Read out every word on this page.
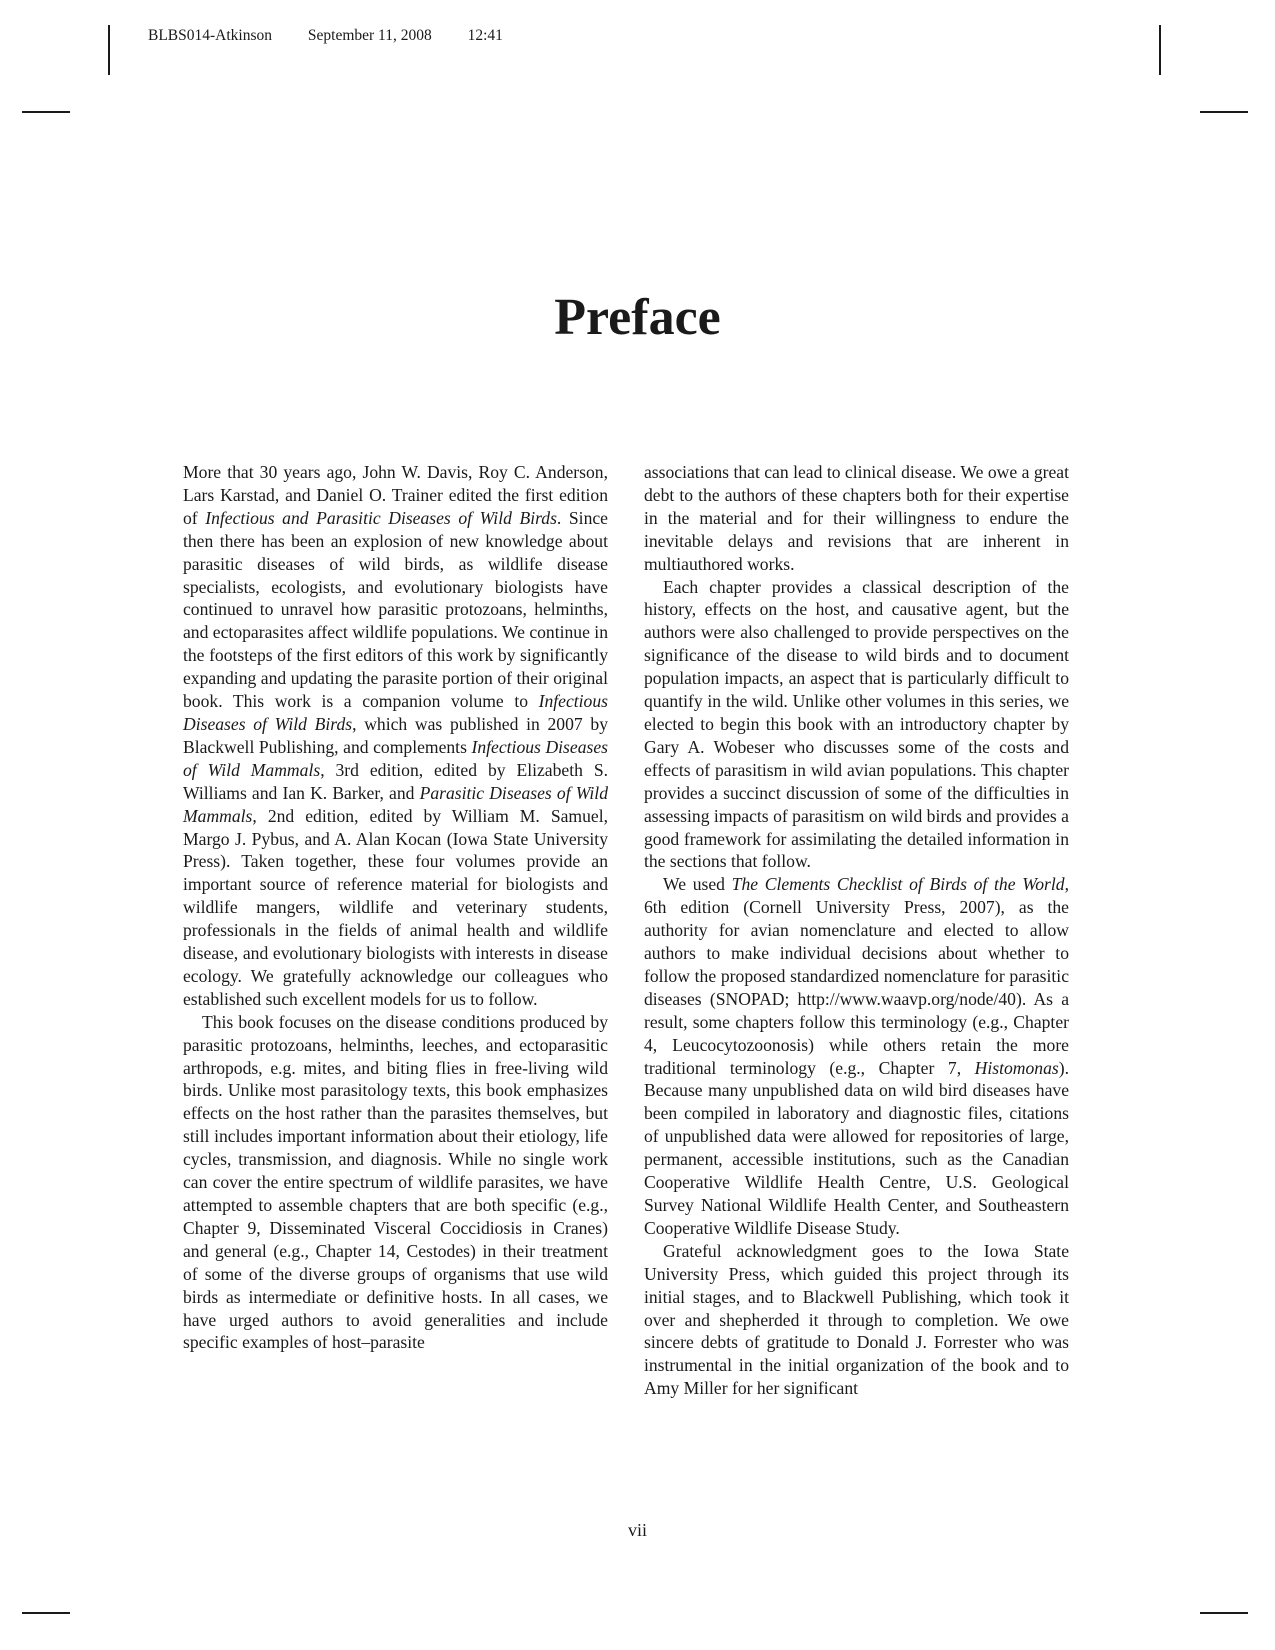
BLBS014-Atkinson September 11, 2008 12:41
Preface

More that 30 years ago, John W. Davis, Roy C. Anderson, Lars Karstad, and Daniel O. Trainer edited the first edition of Infectious and Parasitic Diseases of Wild Birds. Since then there has been an explosion of new knowledge about parasitic diseases of wild birds, as wildlife disease specialists, ecologists, and evolutionary biologists have continued to unravel how parasitic protozoans, helminths, and ectoparasites affect wildlife populations. We continue in the footsteps of the first editors of this work by significantly expanding and updating the parasite portion of their original book. This work is a companion volume to Infectious Diseases of Wild Birds, which was published in 2007 by Blackwell Publishing, and complements Infectious Diseases of Wild Mammals, 3rd edition, edited by Elizabeth S. Williams and Ian K. Barker, and Parasitic Diseases of Wild Mammals, 2nd edition, edited by William M. Samuel, Margo J. Pybus, and A. Alan Kocan (Iowa State University Press). Taken together, these four volumes provide an important source of reference material for biologists and wildlife mangers, wildlife and veterinary students, professionals in the fields of animal health and wildlife disease, and evolutionary biologists with interests in disease ecology. We gratefully acknowledge our colleagues who established such excellent models for us to follow.

This book focuses on the disease conditions produced by parasitic protozoans, helminths, leeches, and ectoparasitic arthropods, e.g. mites, and biting flies in free-living wild birds. Unlike most parasitology texts, this book emphasizes effects on the host rather than the parasites themselves, but still includes important information about their etiology, life cycles, transmission, and diagnosis. While no single work can cover the entire spectrum of wildlife parasites, we have attempted to assemble chapters that are both specific (e.g., Chapter 9, Disseminated Visceral Coccidiosis in Cranes) and general (e.g., Chapter 14, Cestodes) in their treatment of some of the diverse groups of organisms that use wild birds as intermediate or definitive hosts. In all cases, we have urged authors to avoid generalities and include specific examples of host–parasite

associations that can lead to clinical disease. We owe a great debt to the authors of these chapters both for their expertise in the material and for their willingness to endure the inevitable delays and revisions that are inherent in multiauthored works.

Each chapter provides a classical description of the history, effects on the host, and causative agent, but the authors were also challenged to provide perspectives on the significance of the disease to wild birds and to document population impacts, an aspect that is particularly difficult to quantify in the wild. Unlike other volumes in this series, we elected to begin this book with an introductory chapter by Gary A. Wobeser who discusses some of the costs and effects of parasitism in wild avian populations. This chapter provides a succinct discussion of some of the difficulties in assessing impacts of parasitism on wild birds and provides a good framework for assimilating the detailed information in the sections that follow.

We used The Clements Checklist of Birds of the World, 6th edition (Cornell University Press, 2007), as the authority for avian nomenclature and elected to allow authors to make individual decisions about whether to follow the proposed standardized nomenclature for parasitic diseases (SNOPAD; http://www.waavp.org/node/40). As a result, some chapters follow this terminology (e.g., Chapter 4, Leucocytozoonosis) while others retain the more traditional terminology (e.g., Chapter 7, Histomonas). Because many unpublished data on wild bird diseases have been compiled in laboratory and diagnostic files, citations of unpublished data were allowed for repositories of large, permanent, accessible institutions, such as the Canadian Cooperative Wildlife Health Centre, U.S. Geological Survey National Wildlife Health Center, and Southeastern Cooperative Wildlife Disease Study.

Grateful acknowledgment goes to the Iowa State University Press, which guided this project through its initial stages, and to Blackwell Publishing, which took it over and shepherded it through to completion. We owe sincere debts of gratitude to Donald J. Forrester who was instrumental in the initial organization of the book and to Amy Miller for her significant

vii
